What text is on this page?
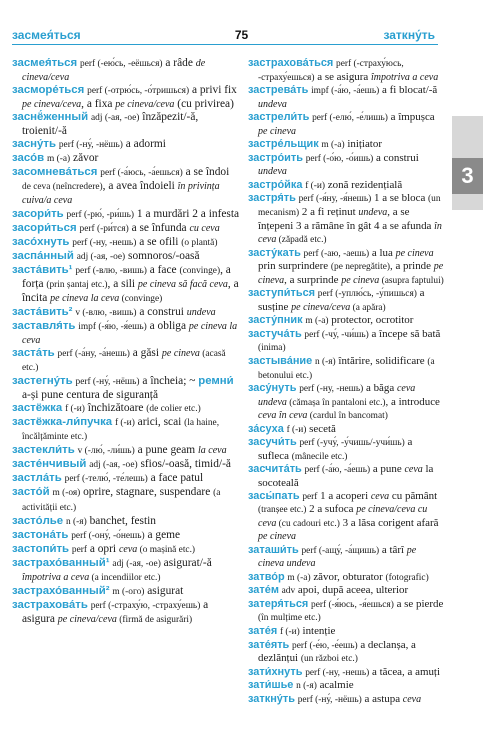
засмея́ться	75	заткну́ть
3

засмея́ться perf (-ею́сь, -еёшься) a râde de cineva/ceva

засморе́ться perf (-отрю́сь, -о́тришься) a privi fix pe cineva/ceva, a fixa pe cineva/ceva (cu privirea)

заснё́женный adj (-ая, -ое) înzăpezit/-ă, troienit/-ă

засну́ть perf (-ну́, -нёшь) a adormi

засо́в m (-а) zăvor

засомнева́ться perf (-а́юсь, -а́ешься) a se îndoi de ceva (neîncredere), a avea îndoieli în privința cuiva/a ceva

засори́ть perf (-рю́, -ри́шь) 1 a murdări 2 a infesta

засори́ться perf (-ри́тся) a se înfunda cu ceva

засо́хнуть perf (-ну, -нешь) a se ofili (o plantă)

заспа́нный adj (-ая, -ое) somnoros/-oasă

заста́вить¹ perf (-влю, -вишь) a face (convinge), a forța (prin șantaj etc.), a sili pe cineva să facă ceva, a încita pe cineva la ceva (convinge)

заста́вить² v (-влю, -вишь) a construi undeva

заставля́ть impf (-я́ю, -я́ешь) a obliga pe cineva la ceva

заста́ть perf (-а́ну, -а́нешь) a găsi pe cineva (acasă etc.)

застегну́ть perf (-ну́, -нёшь) a încheia; ~ ремни́ a-și pune centura de siguranță

застёжка f (-и) închizătoare (de colier etc.)

застёжка-ли́пучка f (-и) arici, scai (la haine, încălțăminte etc.)

застекли́ть v (-лю́, -ли́шь) a pune geam la ceva

засте́нчивый adj (-ая, -ое) sfios/-oasă, timid/-ă

застла́ть perf (-телю́, -те́лешь) a face patul

засто́й m (-оя) oprire, stagnare, suspendare (a activității etc.)

засто́лье n (-я) banchet, festin

застона́ть perf (-ону́, -о́нешь) a geme

застопи́ть perf a opri ceva (o mașină etc.)

застрахо́ванный¹ adj (-ая, -ое) asigurat/-ă împotriva a ceva (a incendiilor etc.)

застрахо́ванный² m (-ого) asigurat

застрахова́ть perf (-страху́ю, -страху́ешь) a asigura pe cineva/ceva (firmă de asigurări)

застрахова́ться perf (-страху́юсь, -страху́ешься) a se asigura împotriva a ceva

застрева́ть impf (-а́ю, -а́ешь) a fi blocat/-ă undeva

застрели́ть perf (-елю́, -е́лишь) a împușca pe cineva

застре́льщик m (-а) inițiator

застро́ить perf (-о́ю, -о́ишь) a construi undeva

застро́йка f (-и) zonă rezidențială

застря́ть perf (-я́ну, -я́нешь) 1 a se bloca (un mecanism) 2 a fi reținut undeva, a se înțepeni 3 a rămâne în gât 4 a se afunda în ceva (zăpadă etc.)

засту́кать perf (-аю, -аешь) a lua pe cineva prin surprindere (pe nepregătite), a prinde pe cineva, a surprinde pe cineva (asupra faptului)

заступи́ться perf (-уплю́сь, -у́пишься) a susține pe cineva/ceva (a apăra)

засту́пник m (-а) protector, ocrotitor

застуча́ть perf (-чу́, -чи́шь) a începe să bată (inima)

застыва́ние n (-я) întărire, solidificare (a betonului etc.)

засу́нуть perf (-ну, -нешь) a băga ceva undeva (cămașa în pantaloni etc.), a introduce ceva în ceva (cardul în bancomat)

за́суха f (-и) secetă

засучи́ть perf (-учу́, -у́чишь/-учи́шь) a sufleca (mânecile etc.)

засчита́ть perf (-а́ю, -а́ешь) a pune ceva la socoteală

засы́пать perf 1 a acoperi ceva cu pământ (tranșee etc.) 2 a sufoca pe cineva/ceva cu ceva (cu cadouri etc.) 3 a lăsa corigent afară pe cineva

заташи́ть perf (-ащу́, -а́щишь) a târî pe cineva undeva

затво́р m (-а) zăvor, obturator (fotografic)

зате́м adv apoi, după aceea, ulterior

затеря́ться perf (-я́юсь, -я́ешься) a se pierde (în mulțime etc.)

зате́я f (-и) intenție

зате́ять perf (-е́ю, -е́ешь) a declanșa, a dezlănțui (un război etc.)

зати́хнуть perf (-ну, -нешь) a tăcea, a amuți

зати́шье n (-я) acalmie

заткну́ть perf (-ну́, -нёшь) a astupa ceva
